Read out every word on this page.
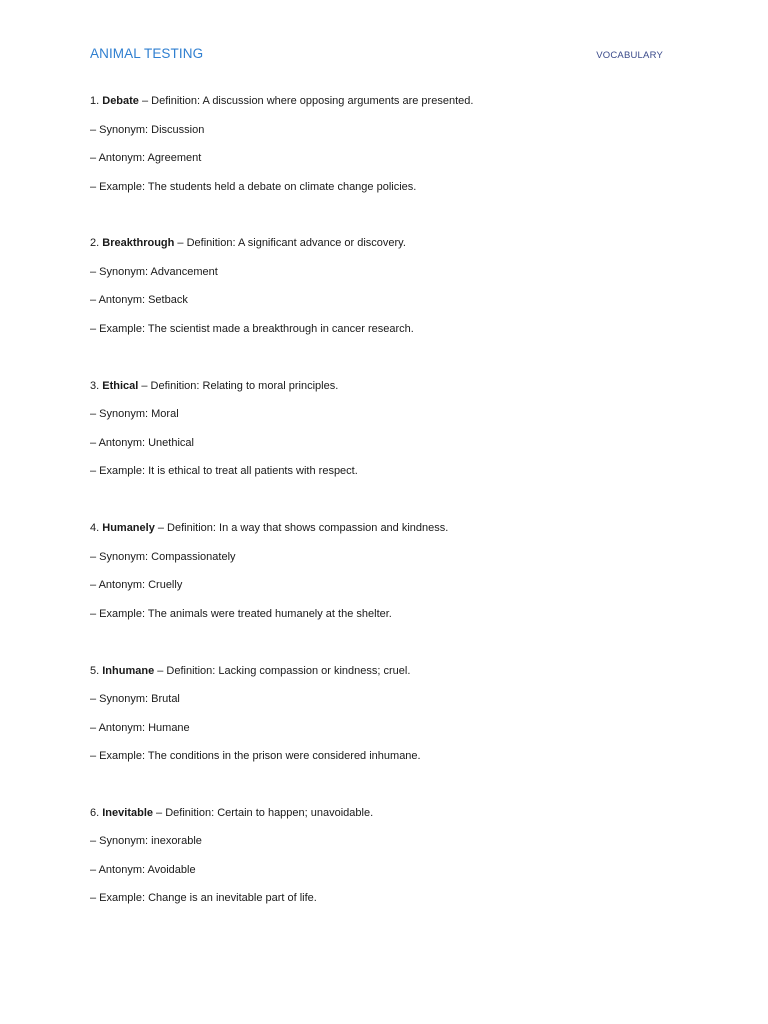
ANIMAL TESTING	VOCABULARY
1. Debate – Definition: A discussion where opposing arguments are presented.
– Synonym: Discussion
– Antonym: Agreement
– Example: The students held a debate on climate change policies.
2. Breakthrough – Definition: A significant advance or discovery.
– Synonym: Advancement
– Antonym: Setback
– Example: The scientist made a breakthrough in cancer research.
3. Ethical – Definition: Relating to moral principles.
– Synonym: Moral
– Antonym: Unethical
– Example: It is ethical to treat all patients with respect.
4. Humanely – Definition: In a way that shows compassion and kindness.
– Synonym: Compassionately
– Antonym: Cruelly
– Example: The animals were treated humanely at the shelter.
5. Inhumane – Definition: Lacking compassion or kindness; cruel.
– Synonym: Brutal
– Antonym: Humane
– Example: The conditions in the prison were considered inhumane.
6. Inevitable – Definition: Certain to happen; unavoidable.
– Synonym: inexorable
– Antonym: Avoidable
– Example: Change is an inevitable part of life.
